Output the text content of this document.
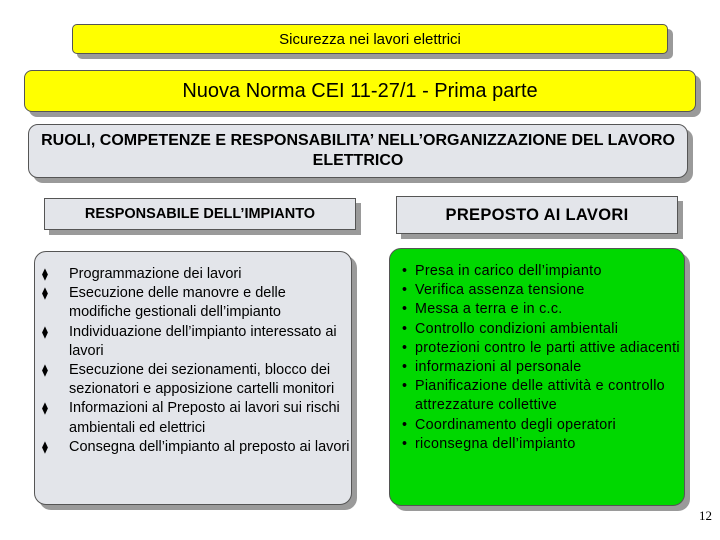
Sicurezza nei lavori elettrici
Nuova Norma CEI 11-27/1 - Prima parte
RUOLI, COMPETENZE E RESPONSABILITA’ NELL’ORGANIZZAZIONE DEL LAVORO ELETTRICO
RESPONSABILE DELL’IMPIANTO	PREPOSTO AI LAVORI
⧫ Programmazione dei lavori
⧫ Esecuzione delle manovre e delle modifiche gestionali dell’impianto
⧫ Individuazione dell’impianto interessato ai lavori
⧫ Esecuzione dei sezionamenti, blocco dei sezionatori e apposizione cartelli monitori
⧫ Informazioni al Preposto ai lavori sui rischi ambientali ed elettrici
⧫ Consegna dell’impianto al preposto ai lavori
• Presa in carico dell’impianto
• Verifica assenza tensione
• Messa a terra e in c.c.
• Controllo condizioni ambientali
• protezioni contro le parti attive adiacenti
• informazioni al personale
• Pianificazione delle attività e controllo attrezzature collettive
• Coordinamento degli operatori
• riconsegna dell’impianto
12
